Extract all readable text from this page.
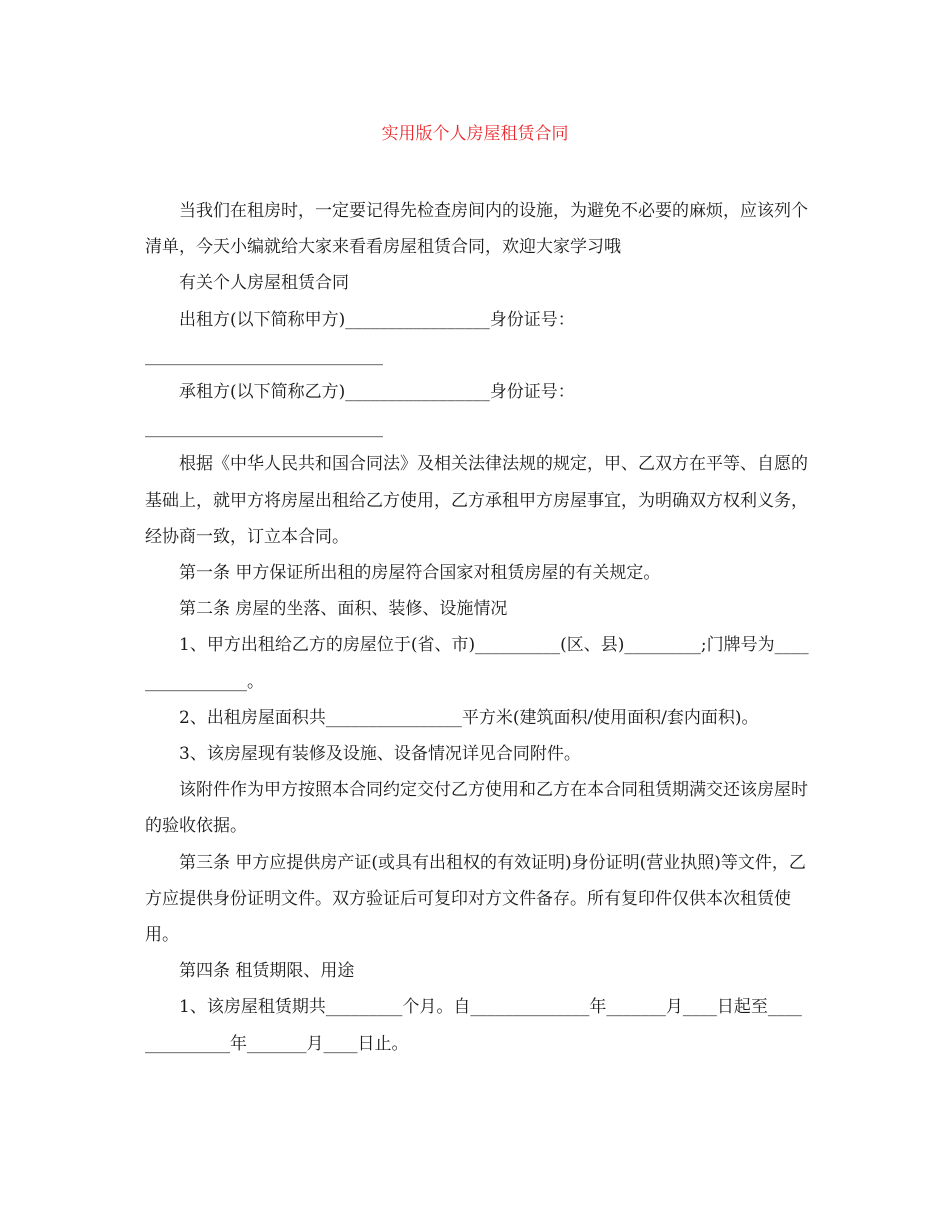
实用版个人房屋租赁合同

当我们在租房时，一定要记得先检查房间内的设施，为避免不必要的麻烦，应该列个清单，今天小编就给大家来看看房屋租赁合同，欢迎大家学习哦

有关个人房屋租赁合同

出租方(以下简称甲方)_________________身份证号：

____________________________

承租方(以下简称乙方)_________________身份证号：

____________________________

根据《中华人民共和国合同法》及相关法律法规的规定，甲、乙双方在平等、自愿的基础上，就甲方将房屋出租给乙方使用，乙方承租甲方房屋事宜，为明确双方权利义务，经协商一致，订立本合同。

第一条 甲方保证所出租的房屋符合国家对租赁房屋的有关规定。

第二条 房屋的坐落、面积、装修、设施情况

1、甲方出租给乙方的房屋位于(省、市)__________(区、县)_________;门牌号为________________。

2、出租房屋面积共________________平方米(建筑面积/使用面积/套内面积)。

3、该房屋现有装修及设施、设备情况详见合同附件。

该附件作为甲方按照本合同约定交付乙方使用和乙方在本合同租赁期满交还该房屋时的验收依据。

第三条 甲方应提供房产证(或具有出租权的有效证明)身份证明(营业执照)等文件，乙方应提供身份证明文件。双方验证后可复印对方文件备存。所有复印件仅供本次租赁使用。

第四条 租赁期限、用途

1、该房屋租赁期共_________个月。自______________年_______月____日起至______________年_______月____日止。
